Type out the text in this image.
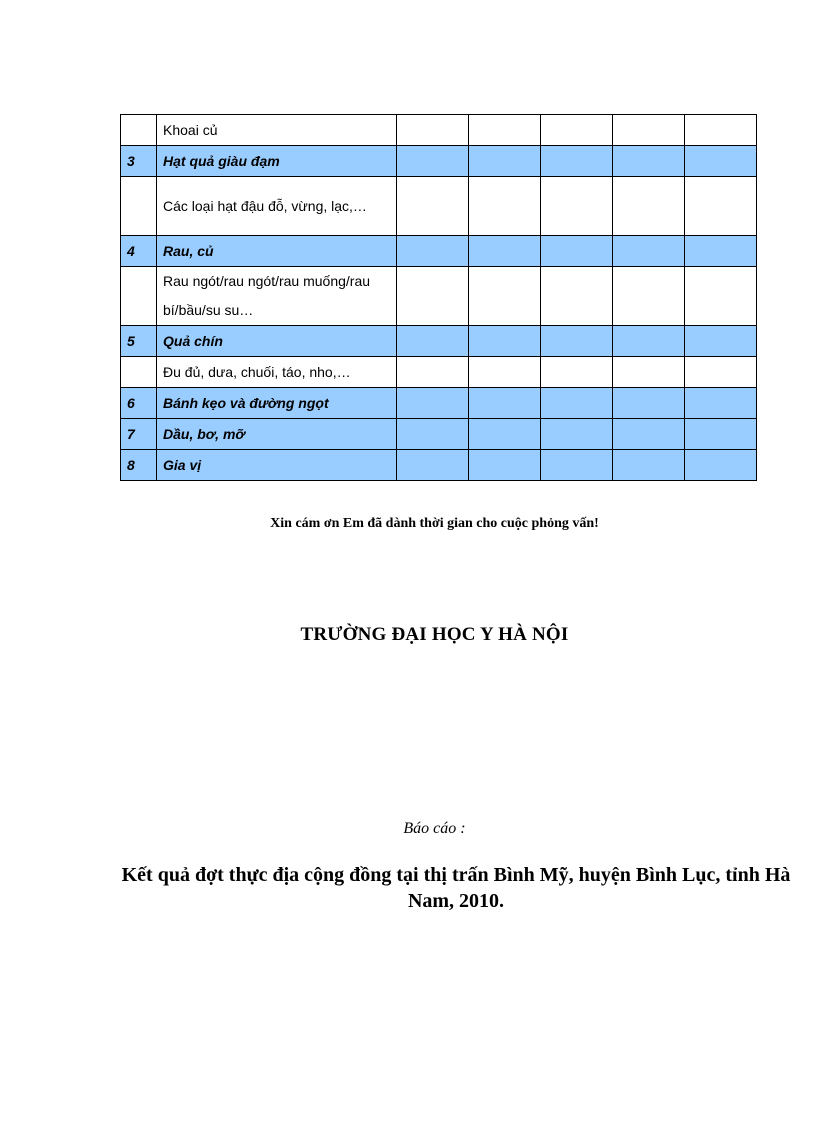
	Khoai củ					
3	Hạt quả giàu đạm					
	Các loại hạt đậu đỗ, vừng, lạc,…					
4	Rau, củ					
	Rau ngót/rau ngót/rau muống/rau bí/bầu/su su…					
5	Quả chín					
	Đu đủ, dưa, chuối, táo, nho,…					
6	Bánh kẹo và đường ngọt					
7	Dầu, bơ, mỡ					
8	Gia vị					
Xin cám ơn Em đã dành thời gian cho cuộc phỏng vấn!
TRƯỜNG ĐẠI HỌC Y HÀ NỘI
Báo cáo :
Kết quả đợt thực địa cộng đồng tại thị trấn Bình Mỹ, huyện Bình Lục, tỉnh Hà Nam, 2010.
